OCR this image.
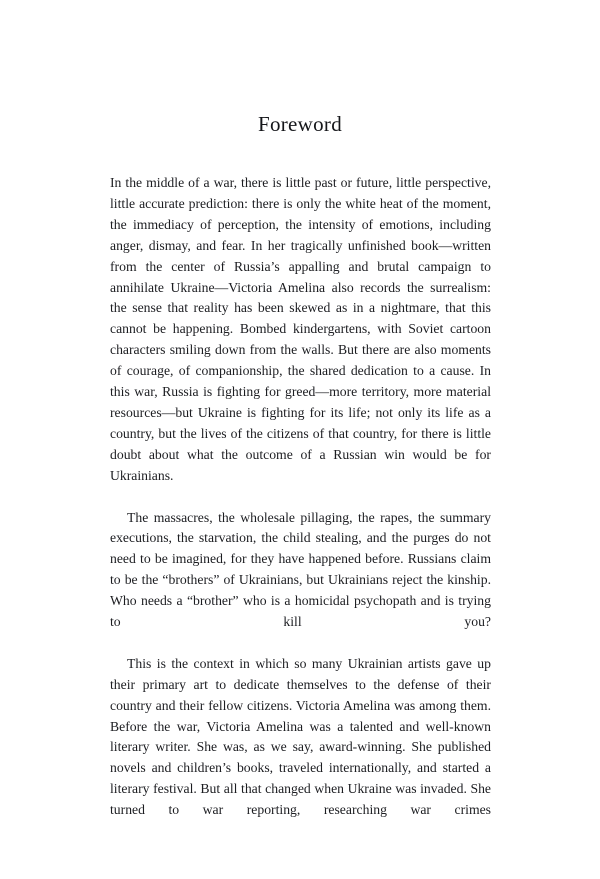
Foreword

In the middle of a war, there is little past or future, little perspective, little accurate prediction: there is only the white heat of the moment, the immediacy of perception, the intensity of emotions, including anger, dismay, and fear. In her tragically unfinished book—written from the center of Russia’s appalling and brutal campaign to annihilate Ukraine—Victoria Amelina also records the surrealism: the sense that reality has been skewed as in a nightmare, that this cannot be happening. Bombed kindergartens, with Soviet cartoon characters smiling down from the walls. But there are also moments of courage, of companionship, the shared dedication to a cause. In this war, Russia is fighting for greed—more territory, more material resources—but Ukraine is fighting for its life; not only its life as a country, but the lives of the citizens of that country, for there is little doubt about what the outcome of a Russian win would be for Ukrainians.

The massacres, the wholesale pillaging, the rapes, the summary executions, the starvation, the child stealing, and the purges do not need to be imagined, for they have happened before. Russians claim to be the “brothers” of Ukrainians, but Ukrainians reject the kinship. Who needs a “brother” who is a homicidal psychopath and is trying to kill you?

This is the context in which so many Ukrainian artists gave up their primary art to dedicate themselves to the defense of their country and their fellow citizens. Victoria Amelina was among them. Before the war, Victoria Amelina was a talented and well-known literary writer. She was, as we say, award-winning. She published novels and children’s books, traveled internationally, and started a literary festival. But all that changed when Ukraine was invaded. She turned to war reporting, researching war crimes
